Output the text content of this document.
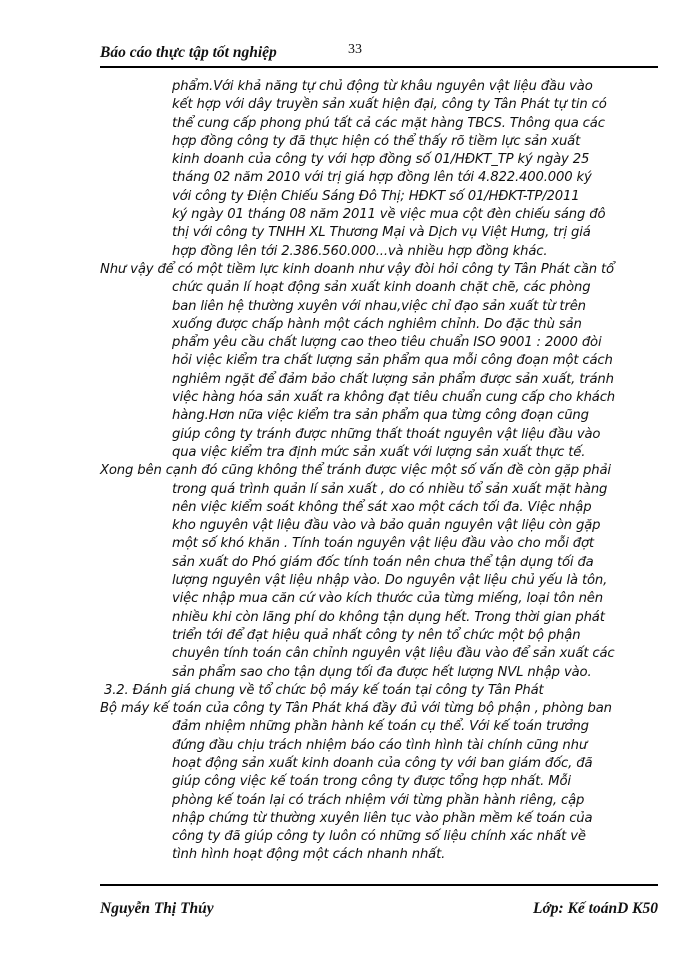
Báo cáo thực tập tốt nghiệp	33
phẩm.Với khả năng tự chủ động từ khâu nguyên vật liệu đầu vào
kết hợp với dây truyền sản xuất hiện đại, công ty Tân Phát tự tin có
thể cung cấp phong phú tất cả các mặt hàng TBCS. Thông qua các
hợp đồng công ty đã thực hiện có thể thấy rõ tiềm lực sản xuất
kinh doanh của công ty với hợp đồng số 01/HĐKT_TP ký ngày 25
tháng 02 năm 2010 với trị giá hợp đồng lên tới 4.822.400.000 ký
với công ty Điện Chiếu Sáng Đô Thị; HĐKT số 01/HĐKT-TP/2011
ký ngày 01 tháng 08 năm 2011 về việc mua cột đèn chiếu sáng đô
thị với công ty TNHH XL Thương Mại và Dịch vụ Việt Hưng, trị giá
hợp đồng lên tới 2.386.560.000...và nhiều hợp đồng khác.
Như vậy để có một tiềm lực kinh doanh như vậy đòi hỏi công ty Tân Phát cần tổ
chức quản lí hoạt động sản xuất kinh doanh chặt chẽ, các phòng
ban liên hệ thường xuyên với nhau,việc chỉ đạo sản xuất từ trên
xuống được chấp hành một cách nghiêm chỉnh. Do đặc thù sản
phẩm yêu cầu chất lượng cao theo tiêu chuẩn ISO 9001 : 2000 đòi
hỏi việc kiểm tra chất lượng sản phẩm qua mỗi công đoạn một cách
nghiêm ngặt để đảm bảo chất lượng sản phẩm được sản xuất, tránh
việc hàng hóa sản xuất ra không đạt tiêu chuẩn cung cấp cho khách
hàng.Hơn nữa việc kiểm tra sản phẩm qua từng công đoạn cũng
giúp công ty tránh được những thất thoát nguyên vật liệu đầu vào
qua việc kiểm tra định mức sản xuất với lượng sản xuất thực tế.
Xong bên cạnh đó cũng không thể tránh được việc một số vấn đề còn gặp phải
trong quá trình quản lí sản xuất , do có nhiều tổ sản xuất mặt hàng
nên việc kiểm soát không thể sát xao một cách tối đa. Việc nhập
kho nguyên vật liệu đầu vào và bảo quản nguyên vật liệu còn gặp
một số khó khăn . Tính toán nguyên vật liệu đầu vào cho mỗi đợt
sản xuất do Phó giám đốc tính toán nên chưa thể tận dụng tối đa
lượng nguyên vật liệu nhập vào. Do nguyên vật liệu chủ yếu là tôn,
việc nhập mua căn cứ vào kích thước của từng miếng, loại tôn nên
nhiều khi còn lãng phí do không tận dụng hết. Trong thời gian phát
triển tới để đạt hiệu quả nhất công ty nên tổ chức một bộ phận
chuyên tính toán cân chỉnh nguyên vật liệu đầu vào để sản xuất các
sản phẩm sao cho tận dụng tối đa được hết lượng NVL nhập vào.
3.2. Đánh giá chung về tổ chức bộ máy kế toán tại công ty Tân Phát
Bộ máy kế toán của công ty Tân Phát khá đầy đủ với từng bộ phận , phòng ban
đảm nhiệm những phần hành kế toán cụ thể. Với kế toán trưởng
đứng đầu chịu trách nhiệm báo cáo tình hình tài chính cũng như
hoạt động sản xuất kinh doanh của công ty với ban giám đốc, đã
giúp công việc kế toán trong công ty được tổng hợp nhất. Mỗi
phòng kế toán lại có trách nhiệm với từng phần hành riêng, cập
nhập chứng từ thường xuyên liên tục vào phần mềm kế toán của
công ty đã giúp công ty luôn có những số liệu chính xác nhất về
tình hình hoạt động một cách nhanh nhất.
Nguyễn Thị Thúy	Lớp: Kế toánD K50
